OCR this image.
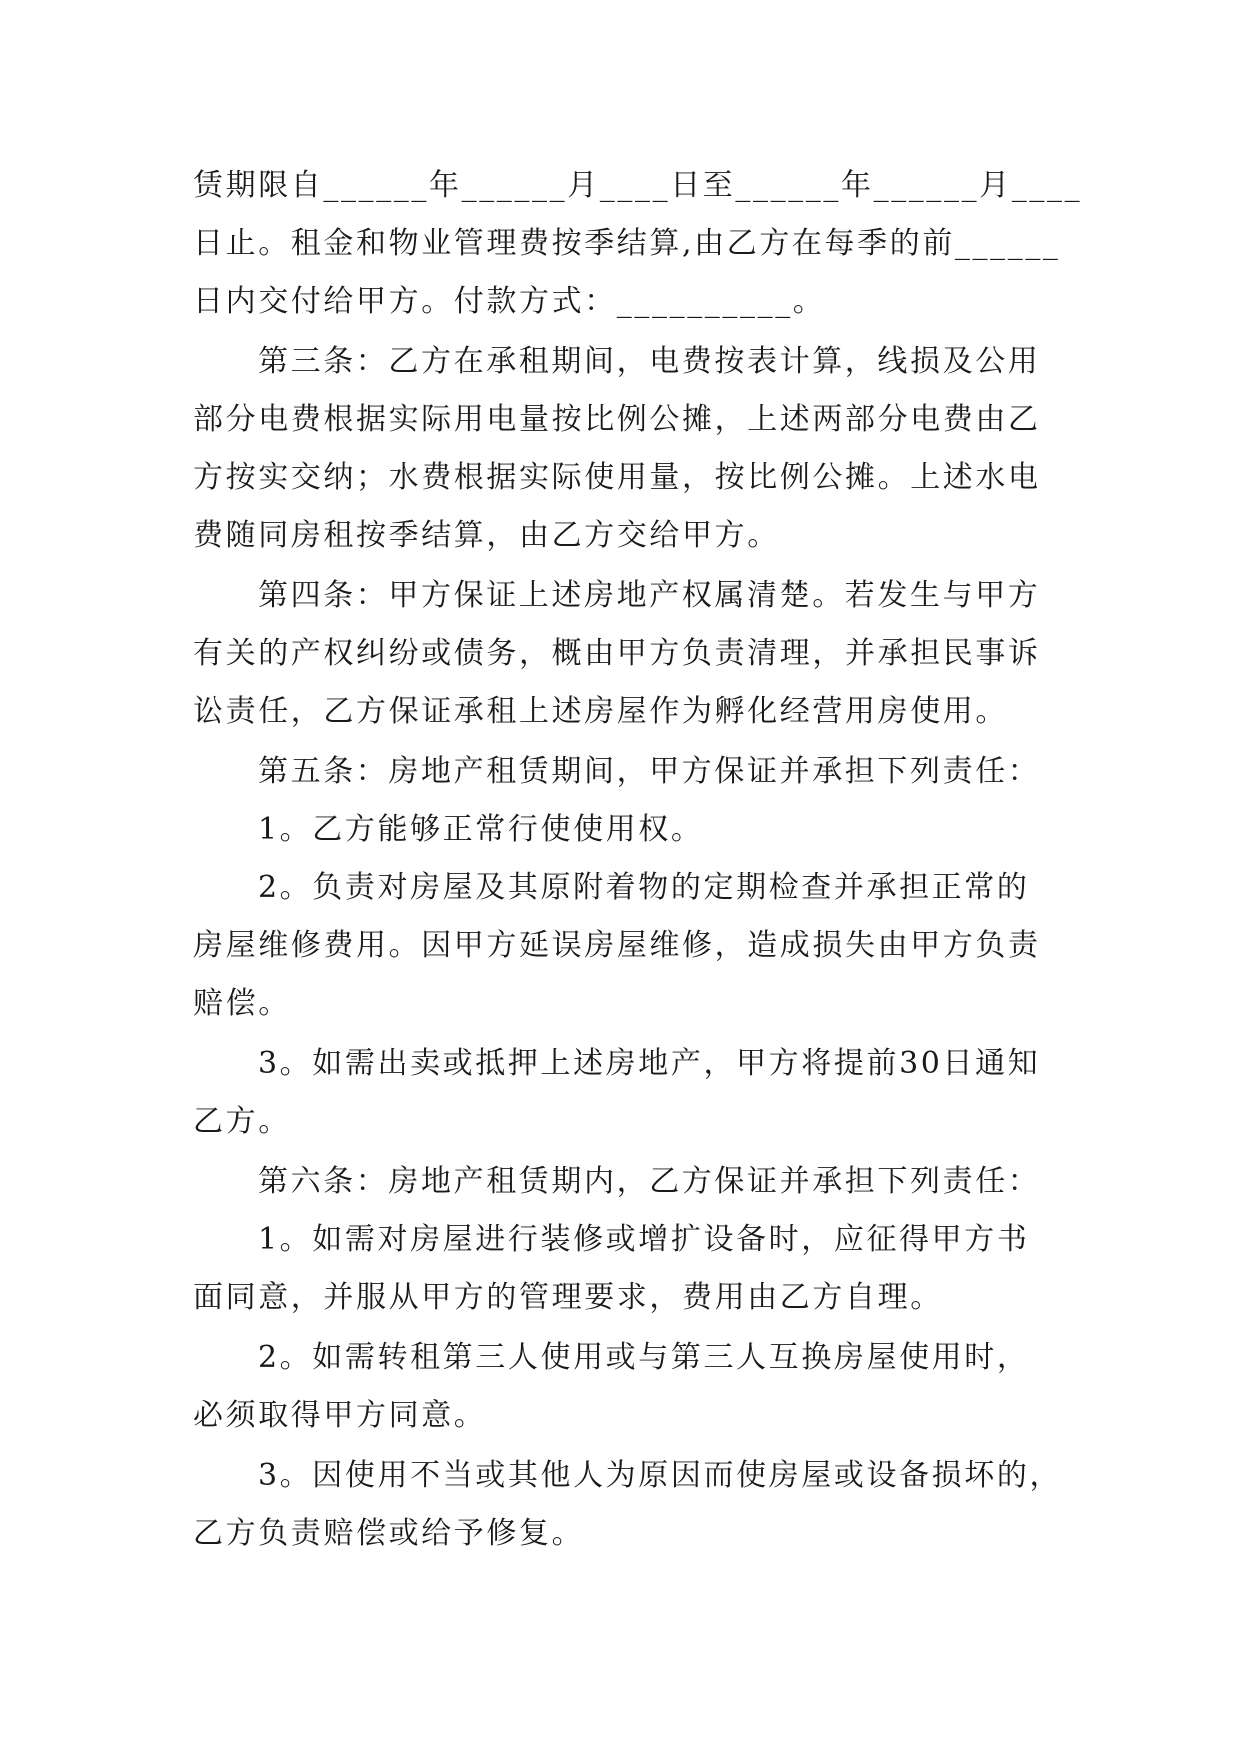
赁期限自______年______月____日至______年______月____
日止。租金和物业管理费按季结算,由乙方在每季的前______
日内交付给甲方。付款方式：__________。
第三条：乙方在承租期间，电费按表计算，线损及公用
部分电费根据实际用电量按比例公摊，上述两部分电费由乙
方按实交纳；水费根据实际使用量，按比例公摊。上述水电
费随同房租按季结算，由乙方交给甲方。
第四条：甲方保证上述房地产权属清楚。若发生与甲方
有关的产权纠纷或债务，概由甲方负责清理，并承担民事诉
讼责任，乙方保证承租上述房屋作为孵化经营用房使用。
第五条：房地产租赁期间，甲方保证并承担下列责任：
1。乙方能够正常行使使用权。
2。负责对房屋及其原附着物的定期检查并承担正常的
房屋维修费用。因甲方延误房屋维修，造成损失由甲方负责
赔偿。
3。如需出卖或抵押上述房地产，甲方将提前30日通知
乙方。
第六条：房地产租赁期内，乙方保证并承担下列责任：
1。如需对房屋进行装修或增扩设备时，应征得甲方书
面同意，并服从甲方的管理要求，费用由乙方自理。
2。如需转租第三人使用或与第三人互换房屋使用时，
必须取得甲方同意。
3。因使用不当或其他人为原因而使房屋或设备损坏的，
乙方负责赔偿或给予修复。
